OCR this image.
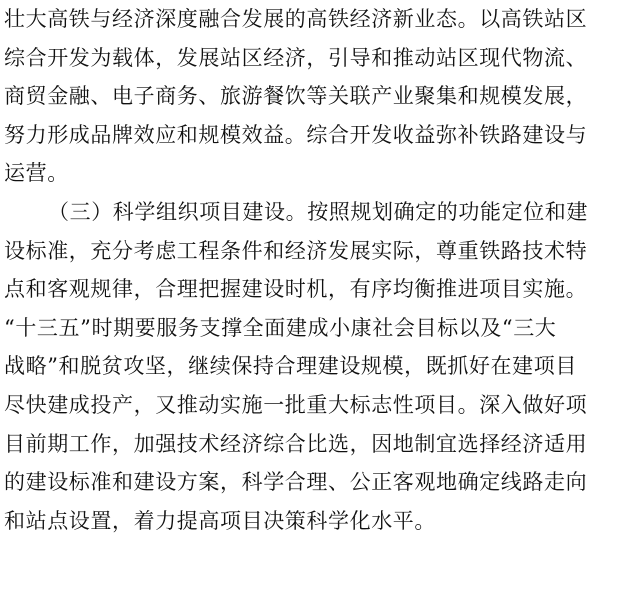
壮大高铁与经济深度融合发展的高铁经济新业态。以高铁站区
综合开发为载体，发展站区经济，引导和推动站区现代物流、
商贸金融、电子商务、旅游餐饮等关联产业聚集和规模发展，
努力形成品牌效应和规模效益。综合开发收益弥补铁路建设与
运营。
（三）科学组织项目建设。按照规划确定的功能定位和建
设标准，充分考虑工程条件和经济发展实际，尊重铁路技术特
点和客观规律，合理把握建设时机，有序均衡推进项目实施。
“十三五”时期要服务支撑全面建成小康社会目标以及“三大
战略”和脱贫攻坚，继续保持合理建设规模，既抓好在建项目
尽快建成投产，又推动实施一批重大标志性项目。深入做好项
目前期工作，加强技术经济综合比选，因地制宜选择经济适用
的建设标准和建设方案，科学合理、公正客观地确定线路走向
和站点设置，着力提高项目决策科学化水平。
